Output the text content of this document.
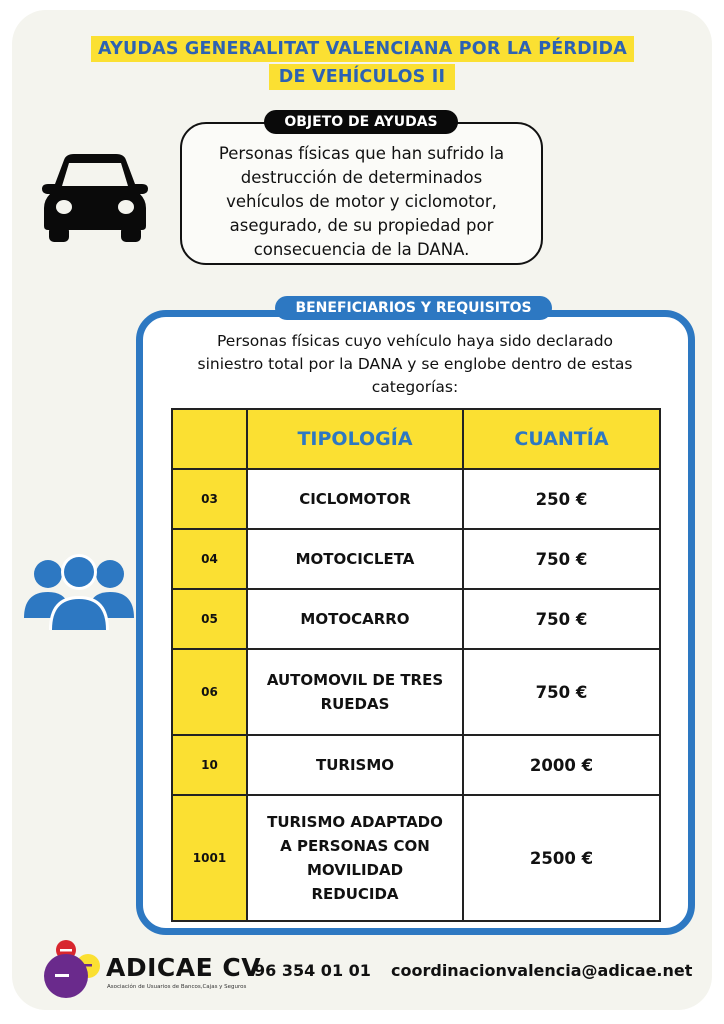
AYUDAS GENERALITAT VALENCIANA POR LA PÉRDIDA
DE VEHÍCULOS II
Personas físicas que han sufrido la
destrucción de determinados
vehículos de motor y ciclomotor,
asegurado, de su propiedad por
consecuencia de la DANA.
OBJETO DE AYUDAS
BENEFICIARIOS Y REQUISITOS
Personas físicas cuyo vehículo haya sido declarado
siniestro total por la DANA y se englobe dentro de estas
categorías:
	TIPOLOGÍA	CUANTÍA
03	CICLOMOTOR	250 €
04	MOTOCICLETA	750 €
05	MOTOCARRO	750 €
06	AUTOMOVIL DE TRES
RUEDAS	750 €
10	TURISMO	2000 €
1001	TURISMO ADAPTADO
A PERSONAS CON
MOVILIDAD
REDUCIDA	2500 €
ADICAE CV
Asociación de Usuarios de Bancos,Cajas y Seguros
96 354 01 01 coordinacionvalencia@adicae.net
